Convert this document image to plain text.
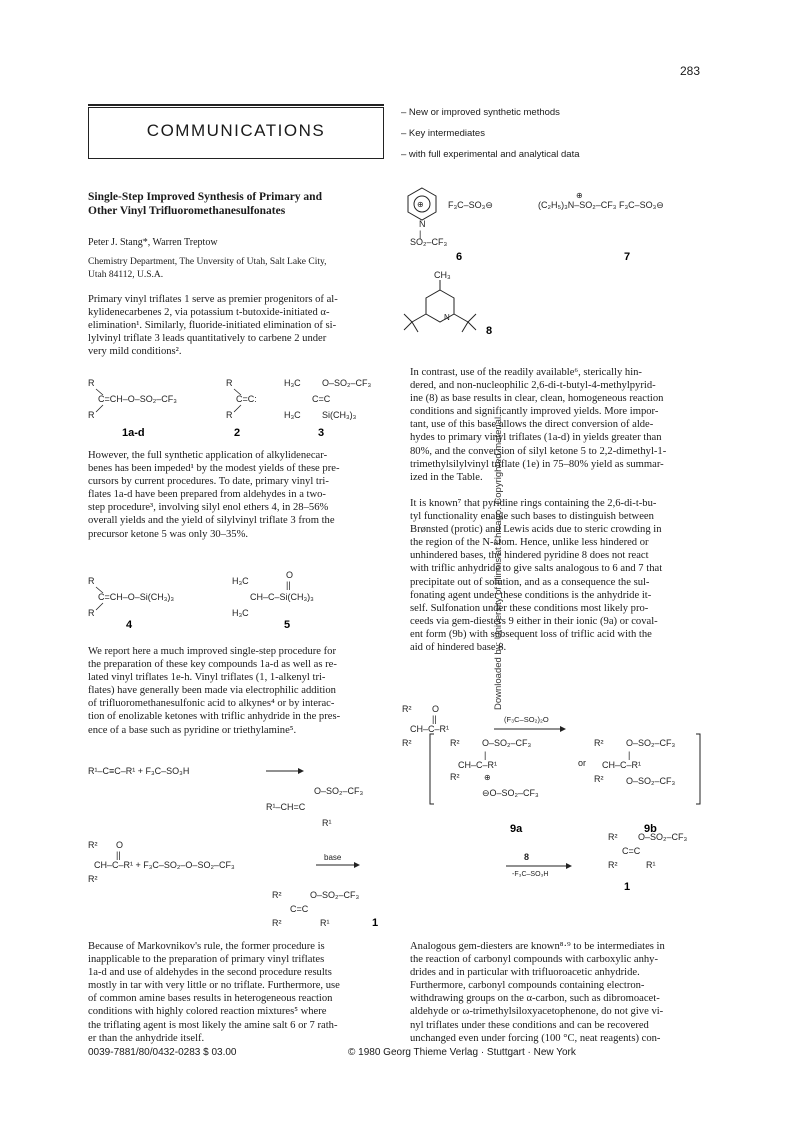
283
COMMUNICATIONS
– New or improved synthetic methods
– Key intermediates
– with full experimental and analytical data
Single-Step Improved Synthesis of Primary and
Other Vinyl Trifluoromethanesulfonates
Peter J. Stang*, Warren Treptow
Chemistry Department, The Unversity of Utah, Salt Lake City,
Utah 84112, U.S.A.
Primary vinyl triflates 1 serve as premier progenitors of al-
kylidenecarbenes 2, via potassium t-butoxide-initiated α-
elimination¹. Similarly, fluoride-initiated elimination of si-
lylvinyl triflate 3 leads quantitatively to carbene 2 under
very mild conditions².
R
C=CH–O–SO₂–CF₃
R
R
C=C:
R
H₃C O–SO₂–CF₃
C=C
H₃C Si(CH₃)₃
1a-d	2	3
However, the full synthetic application of alkylidenecar-
benes has been impeded¹ by the modest yields of these pre-
cursors by current procedures. To date, primary vinyl tri-
flates 1a-d have been prepared from aldehydes in a two-
step procedure³, involving silyl enol ethers 4, in 28–56%
overall yields and the yield of silylvinyl triflate 3 from the
precursor ketone 5 was only 30–35%.
R
C=CH–O–Si(CH₃)₃
R
H₃C
O
||
CH–C–Si(CH₃)₃
H₃C
4	5
We report here a much improved single-step procedure for
the preparation of these key compounds 1a-d as well as re-
lated vinyl triflates 1e-h. Vinyl triflates (1, 1-alkenyl tri-
flates) have generally been made via electrophilic addition
of trifluoromethanesulfonic acid to alkynes⁴ or by interac-
tion of enolizable ketones with triflic anhydride in the pres-
ence of a base such as pyridine or triethylamine⁵.
R¹–C≡C–R¹ + F₃C–SO₃H
O–SO₂–CF₃
R¹–CH=C
R¹
R² O
||
CH–C–R¹ + F₃C–SO₂–O–SO₂–CF₃
R²
base
R²	O–SO₂–CF₃
C=C
R²	R¹	1
Because of Markovnikov's rule, the former procedure is
inapplicable to the preparation of primary vinyl triflates
1a-d and use of aldehydes in the second procedure results
mostly in tar with very little or no triflate. Furthermore, use
of common amine bases results in heterogeneous reaction
conditions with highly colored reaction mixtures⁵ where
the triflating agent is most likely the amine salt 6 or 7 rath-
er than the anhydride itself.
⊕
N
|
SO₂–CF₃
F₃C–SO₃⊖
⊕
(C₂H₅)₃N–SO₂–CF₃ F₃C–SO₃⊖
6	7
CH₃
N
8
In contrast, use of the readily available⁶, sterically hin-
dered, and non-nucleophilic 2,6-di-t-butyl-4-methylpyrid-
ine (8) as base results in clear, clean, homogeneous reaction
conditions and significantly improved yields. More impor-
tant, use of this base allows the direct conversion of alde-
hydes to primary vinyl triflates (1a-d) in yields greater than
80%, and the conversion of silyl ketone 5 to 2,2-dimethyl-1-
trimethylsilylvinyl triflate (1e) in 75–80% yield as summar-
ized in the Table.
It is known⁷ that pyridine rings containing the 2,6-di-t-bu-
tyl functionality enable such bases to distinguish between
Brønsted (protic) and Lewis acids due to steric crowding in
the region of the N-atom. Hence, unlike less hindered or
unhindered bases, the hindered pyridine 8 does not react
with triflic anhydride to give salts analogous to 6 and 7 that
precipitate out of solution, and as a consequence the sul-
fonating agent under these conditions is the anhydride it-
self. Sulfonation under these conditions most likely pro-
ceeds via gem-diesters 9 either in their ionic (9a) or coval-
ent form (9b) with subsequent loss of triflic acid with the
aid of hindered base 8.
R² O
||
CH–C–R¹
R²
(F₃C–SO₂)₂O
R²	O–SO₂–CF₃
|
CH–C–R¹
R²	⊕
⊖O–SO₂–CF₃
or
R²	O–SO₂–CF₃
|
CH–C–R¹
R²	O–SO₂–CF₃
8
-F₃C–SO₃H
R² O–SO₂–CF₃
C=C
R²	R¹
9a	9b
1
Analogous gem-diesters are known⁸·⁹ to be intermediates in
the reaction of carbonyl compounds with carboxylic anhy-
drides and in particular with trifluoroacetic anhydride.
Furthermore, carbonyl compounds containing electron-
withdrawing groups on the α-carbon, such as dibromoacet-
aldehyde or ω-trimethylsiloxyacetophenone, do not give vi-
nyl triflates under these conditions and can be recovered
unchanged even under forcing (100 °C, neat reagents) con-
0039-7881/80/0432-0283 $ 03.00	© 1980 Georg Thieme Verlag · Stuttgart · New York
Downloaded by: University of Illinois at Chicago. Copyrighted material.
